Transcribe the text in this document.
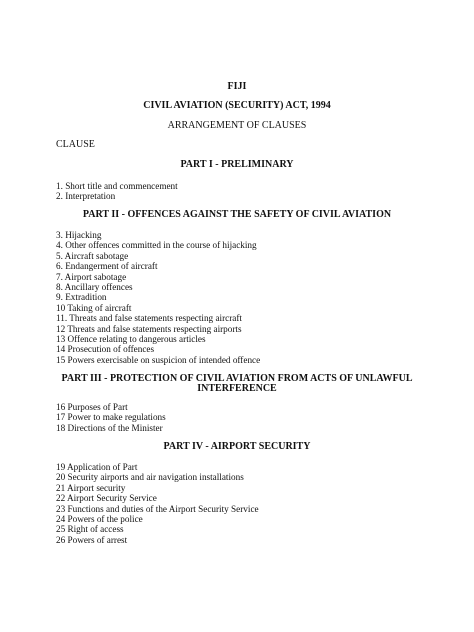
FIJI
CIVIL AVIATION (SECURITY) ACT, 1994
ARRANGEMENT OF CLAUSES
CLAUSE
PART I - PRELIMINARY
1. Short title and commencement
2. Interpretation
PART II - OFFENCES AGAINST THE SAFETY OF CIVIL AVIATION
3. Hijacking
4. Other offences committed in the course of hijacking
5. Aircraft sabotage
6. Endangerment of aircraft
7. Airport sabotage
8. Ancillary offences
9. Extradition
10 Taking of aircraft
11. Threats and false statements respecting aircraft
12 Threats and false statements respecting airports
13 Offence relating to dangerous articles
14 Prosecution of offences
15 Powers exercisable on suspicion of intended offence
PART III - PROTECTION OF CIVIL AVIATION FROM ACTS OF UNLAWFUL
INTERFERENCE
16 Purposes of Part
17 Power to make regulations
18 Directions of the Minister
PART IV - AIRPORT SECURITY
19 Application of Part
20 Security airports and air navigation installations
21 Airport security
22 Airport Security Service
23 Functions and duties of the Airport Security Service
24 Powers of the police
25 Right of access
26 Powers of arrest
